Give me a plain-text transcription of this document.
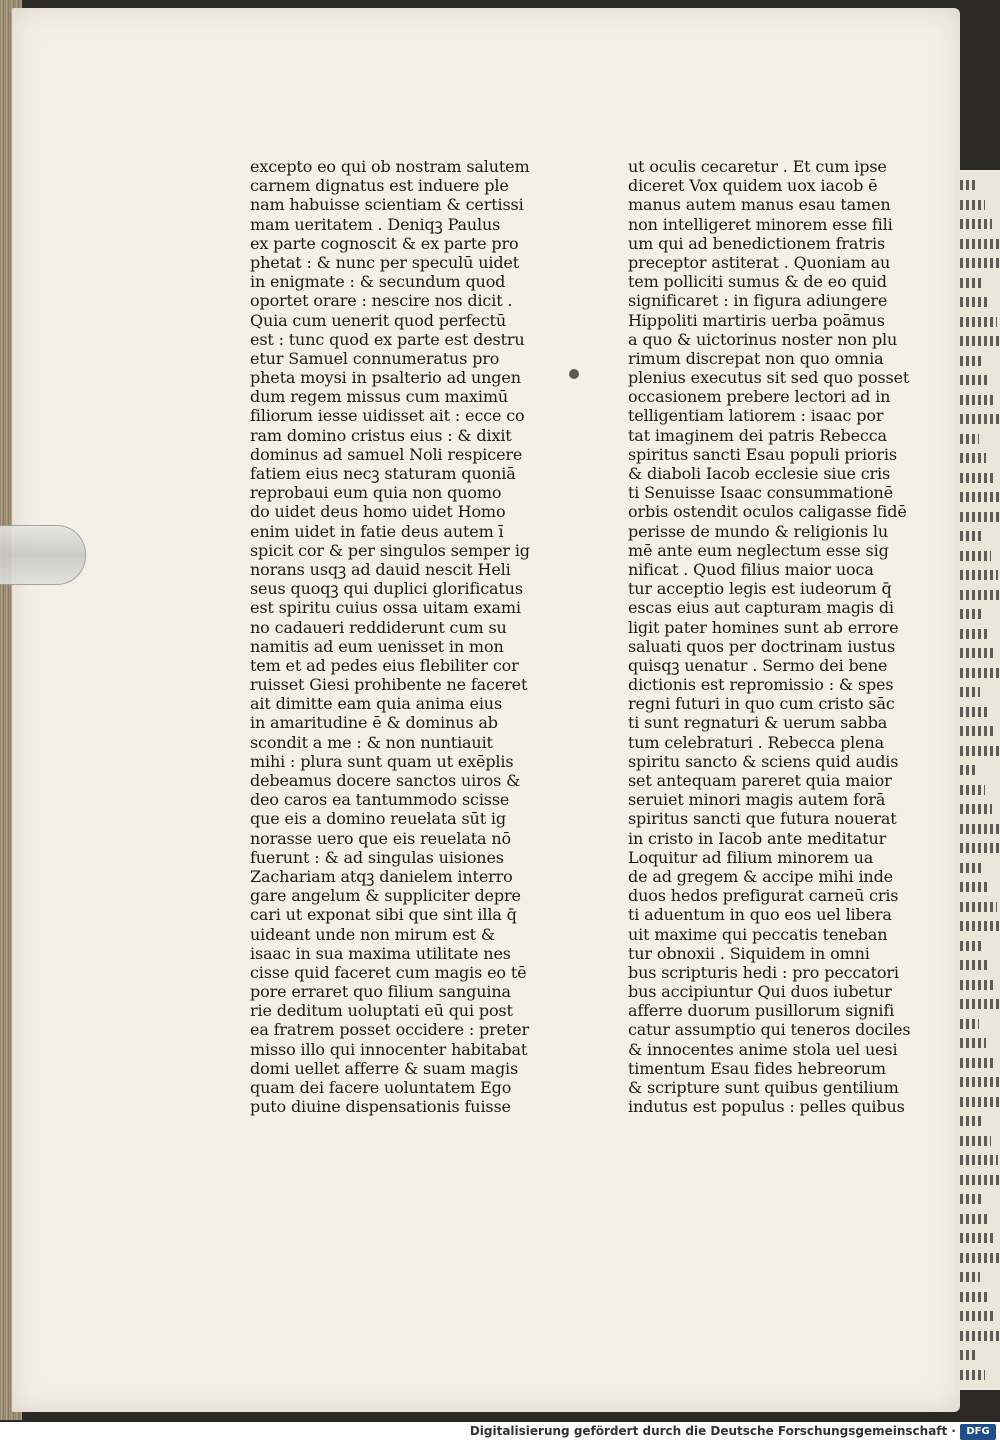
excepto eo qui ob nostram salutem
carnem dignatus est induere ple
nam habuisse scientiam & certissi
mam ueritatem . Deniqꝫ Paulus
ex parte cognoscit & ex parte pro
phetat : & nunc per speculū uidet
in enigmate : & secundum quod
oportet orare : nescire nos dicit .
Quia cum uenerit quod perfectū
est : tunc quod ex parte est destru
etur Samuel connumeratus pro
pheta moysi in psalterio ad ungen
dum regem missus cum maximū
filiorum iesse uidisset ait : ecce co
ram domino cristus eius : & dixit
dominus ad samuel Noli respicere
fatiem eius necꝫ staturam quoniā
reprobaui eum quia non quomo
do uidet deus homo uidet Homo
enim uidet in fatie deus autem ī
spicit cor & per singulos semper ig
norans usqꝫ ad dauid nescit Heli
seus quoqꝫ qui duplici glorificatus
est spiritu cuius ossa uitam exami
no cadaueri reddiderunt cum su
namitis ad eum uenisset in mon
tem et ad pedes eius flebiliter cor
ruisset Giesi prohibente ne faceret
ait dimitte eam quia anima eius
in amaritudine ē & dominus ab
scondit a me : & non nuntiauit
mihi : plura sunt quam ut exēplis
debeamus docere sanctos uiros &
deo caros ea tantummodo scisse
que eis a domino reuelata sūt ig
norasse uero que eis reuelata nō
fuerunt : & ad singulas uisiones
Zachariam atqꝫ danielem interro
gare angelum & suppliciter depre
cari ut exponat sibi que sint illa q̄
uideant unde non mirum est &
isaac in sua maxima utilitate nes
cisse quid faceret cum magis eo tē
pore erraret quo filium sanguina
rie deditum uoluptati eū qui post
ea fratrem posset occidere : preter
misso illo qui innocenter habitabat
domi uellet afferre & suam magis
quam dei facere uoluntatem Ego
puto diuine dispensationis fuisse
ut oculis cecaretur . Et cum ipse
diceret Vox quidem uox iacob ē
manus autem manus esau tamen
non intelligeret minorem esse fili
um qui ad benedictionem fratris
preceptor astiterat . Quoniam au
tem polliciti sumus & de eo quid
significaret : in figura adiungere
Hippoliti martiris uerba poāmus
a quo & uictorinus noster non plu
rimum discrepat non quo omnia
plenius executus sit sed quo posset
occasionem prebere lectori ad in
telligentiam latiorem : isaac por
tat imaginem dei patris Rebecca
spiritus sancti Esau populi prioris
& diaboli Iacob ecclesie siue cris
ti Senuisse Isaac consummationē
orbis ostendit oculos caligasse fidē
perisse de mundo & religionis lu
mē ante eum neglectum esse sig
nificat . Quod filius maior uoca
tur acceptio legis est iudeorum q̄
escas eius aut capturam magis di
ligit pater homines sunt ab errore
saluati quos per doctrinam iustus
quisqꝫ uenatur . Sermo dei bene
dictionis est repromissio : & spes
regni futuri in quo cum cristo sāc
ti sunt regnaturi & uerum sabba
tum celebraturi . Rebecca plena
spiritu sancto & sciens quid audis
set antequam pareret quia maior
seruiet minori magis autem forā
spiritus sancti que futura nouerat
in cristo in Iacob ante meditatur
Loquitur ad filium minorem ua
de ad gregem & accipe mihi inde
duos hedos prefigurat carneū cris
ti aduentum in quo eos uel libera
uit maxime qui peccatis teneban
tur obnoxii . Siquidem in omni
bus scripturis hedi : pro peccatori
bus accipiuntur Qui duos iubetur
afferre duorum pusillorum signifi
catur assumptio qui teneros dociles
& innocentes anime stola uel uesi
timentum Esau fides hebreorum
& scripture sunt quibus gentilium
indutus est populus : pelles quibus
Digitalisierung gefördert durch die Deutsche Forschungsgemeinschaft ·	DFG
